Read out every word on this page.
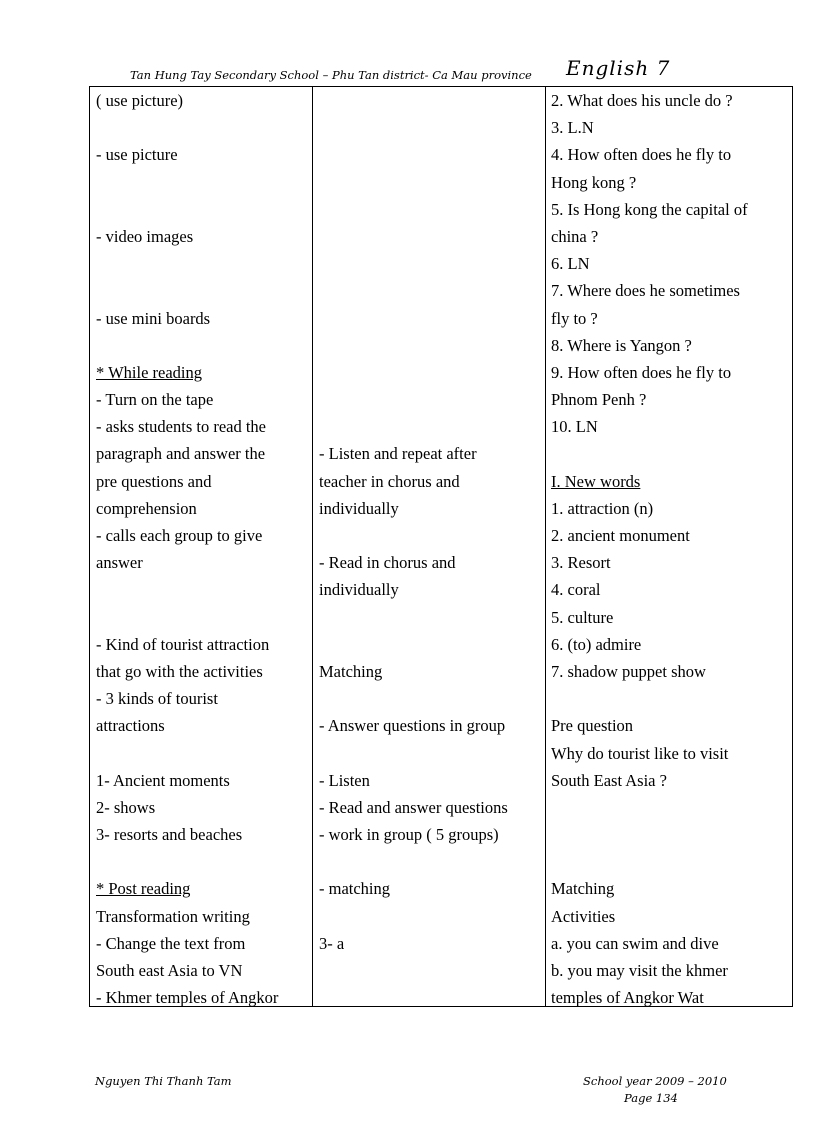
Tan Hung Tay Secondary School – Phu Tan district- Ca Mau province English 7
( use picture)
- use picture
- video images
- use mini boards
* While reading
- Turn on the tape
- asks students to read the
paragraph and answer the
pre questions and
comprehension
- calls each group to give
answer
- Kind of tourist attraction
that go with the activities
- 3 kinds of tourist
attractions
1- Ancient moments
2- shows
3- resorts and beaches
* Post reading
Transformation writing
- Change the text from
South east Asia to VN
- Khmer temples of Angkor
- Listen and repeat after
teacher in chorus and
individually
- Read in chorus and
individually
Matching
- Answer questions in group
- Listen
- Read and answer questions
- work in group ( 5 groups)
- matching
3- a
2. What does his uncle do ?
3. L.N
4. How often does he fly to
Hong kong ?
5. Is Hong kong the capital of
china ?
6. LN
7. Where does he sometimes
fly to ?
8. Where is Yangon ?
9. How often does he fly to
Phnom Penh ?
10. LN
I. New words
1. attraction (n)
2. ancient monument
3. Resort
4. coral
5. culture
6. (to) admire
7. shadow puppet show
Pre question
Why do tourist like to visit
South East Asia ?
Matching
Activities
a. you can swim and dive
b. you may visit the khmer
temples of Angkor Wat
Nguyen Thi Thanh Tam	School year 2009 – 2010
Page 134
